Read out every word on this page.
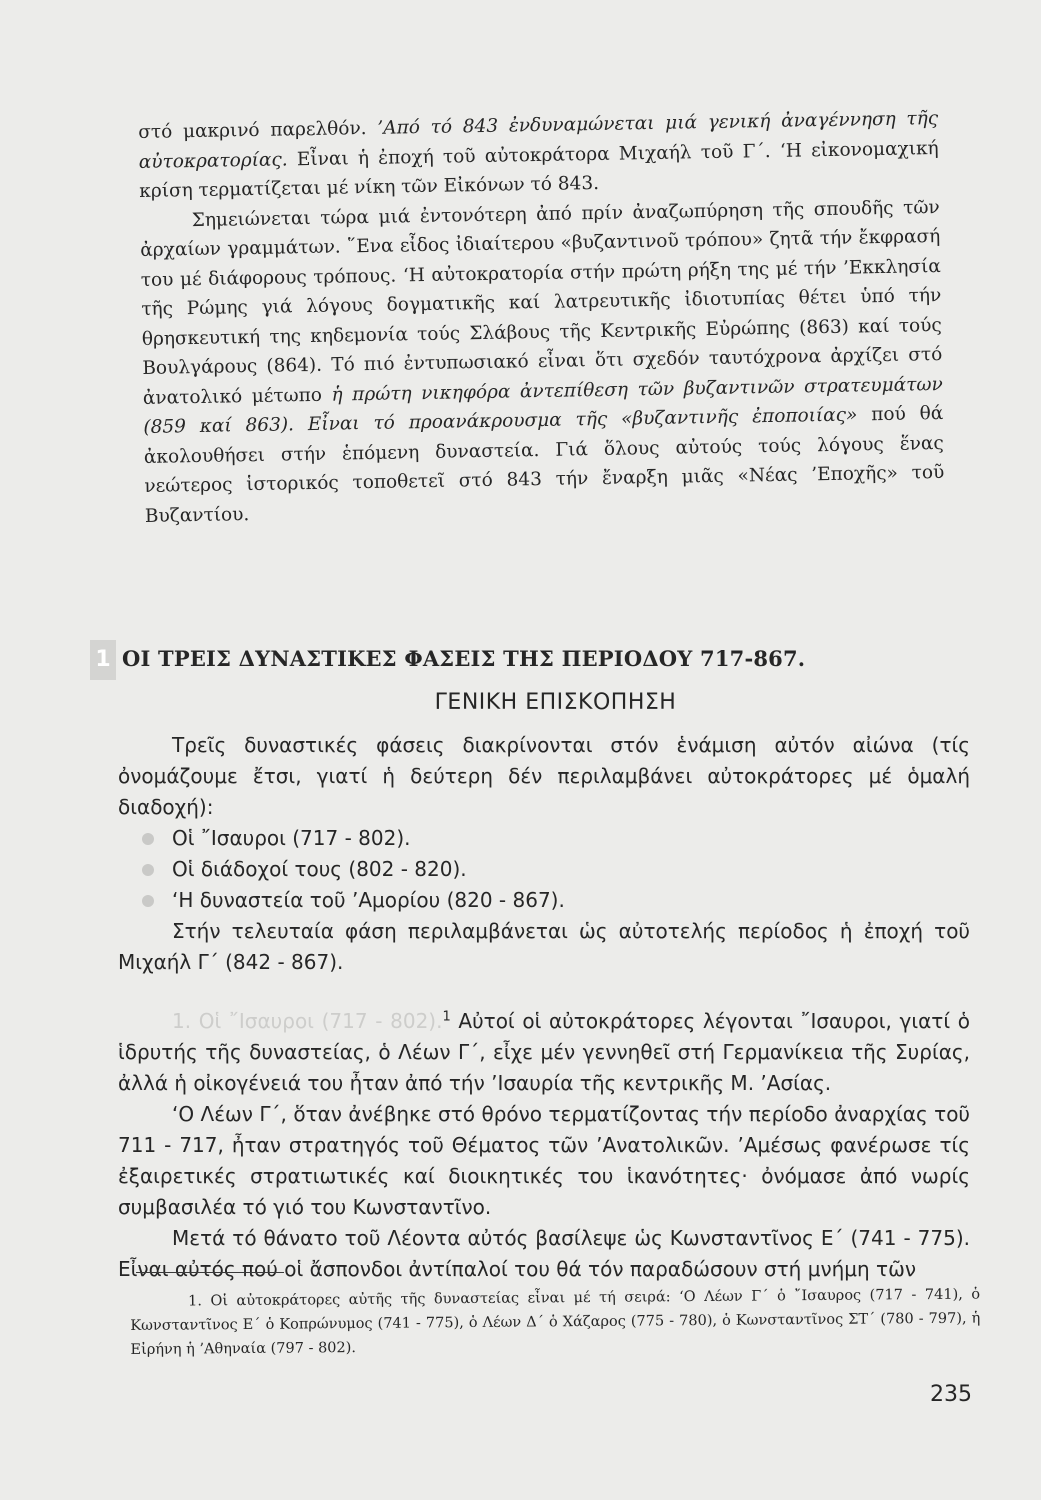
στό μακρινό παρελθόν. ’Από τό 843 ἐνδυναμώνεται μιά γενική ἀναγέννηση τῆς αὐτοκρατορίας. Εἶναι ἡ ἐποχή τοῦ αὐτοκράτορα Μιχαήλ τοῦ Γ΄. ‘Η εἰκονομαχική κρίση τερματίζεται μέ νίκη τῶν Εἰκόνων τό 843.

Σημειώνεται τώρα μιά ἐντονότερη ἀπό πρίν ἀναζωπύρηση τῆς σπουδῆς τῶν ἀρχαίων γραμμάτων. ῞Ενα εἶδος ἰδιαίτερου «βυζαντινοῦ τρόπου» ζητᾶ τήν ἔκφρασή του μέ διάφορους τρόπους. ‘Η αὐτοκρατορία στήν πρώτη ρήξη της μέ τήν ’Εκκλησία τῆς Ρώμης γιά λόγους δογματικῆς καί λατρευτικῆς ἰδιοτυπίας θέτει ὑπό τήν θρησκευτική της κηδεμονία τούς Σλάβους τῆς Κεντρικῆς Εὐρώπης (863) καί τούς Βουλγάρους (864). Τό πιό ἐντυπωσιακό εἶναι ὅτι σχεδόν ταυτόχρονα ἀρχίζει στό ἀνατολικό μέτωπο ἡ πρώτη νικηφόρα ἀντεπίθεση τῶν βυζαντινῶν στρατευμάτων (859 καί 863). Εἶναι τό προανάκρουσμα τῆς «βυζαντινῆς ἐποποιίας» πού θά ἀκολουθήσει στήν ἑπόμενη δυναστεία. Γιά ὅλους αὐτούς τούς λόγους ἕνας νεώτερος ἱστορικός τοποθετεῖ στό 843 τήν ἔναρξη μιᾶς «Νέας ’Εποχῆς» τοῦ Βυζαντίου.

1 ΟΙ ΤΡΕΙΣ ΔΥΝΑΣΤΙΚΕΣ ΦΑΣΕΙΣ ΤΗΣ ΠΕΡΙΟΔΟΥ 717-867.
ΓΕΝΙΚΗ ΕΠΙΣΚΟΠΗΣΗ

Τρεῖς δυναστικές φάσεις διακρίνονται στόν ἑνάμιση αὐτόν αἰώνα (τίς ὀνομάζουμε ἔτσι, γιατί ἡ δεύτερη δέν περιλαμβάνει αὐτοκράτορες μέ ὁμαλή διαδοχή):

Οἱ ῎Ισαυροι (717 - 802).
Οἱ διάδοχοί τους (802 - 820).
‘Η δυναστεία τοῦ ’Αμορίου (820 - 867).

Στήν τελευταία φάση περιλαμβάνεται ὡς αὐτοτελής περίοδος ἡ ἐποχή τοῦ Μιχαήλ Γ΄ (842 - 867).

1. Οἱ ῎Ισαυροι (717 - 802).$^1$ Αὐτοί οἱ αὐτοκράτορες λέγονται ῎Ισαυροι, γιατί ὁ ἱδρυτής τῆς δυναστείας, ὁ Λέων Γ΄, εἶχε μέν γεννηθεῖ στή Γερμανίκεια τῆς Συρίας, ἀλλά ἡ οἰκογένειά του ἦταν ἀπό τήν ’Ισαυρία τῆς κεντρικῆς Μ. ’Ασίας.

‘Ο Λέων Γ΄, ὅταν ἀνέβηκε στό θρόνο τερματίζοντας τήν περίοδο ἀναρχίας τοῦ 711 - 717, ἦταν στρατηγός τοῦ Θέματος τῶν ’Ανατολικῶν. ’Αμέσως φανέρωσε τίς ἐξαιρετικές στρατιωτικές καί διοικητικές του ἱκανότητες· ὀνόμασε ἀπό νωρίς συμβασιλέα τό γιό του Κωνσταντῖνο.

Μετά τό θάνατο τοῦ Λέοντα αὐτός βασίλεψε ὡς Κωνσταντῖνος Ε΄ (741 - 775). Εἶναι αὐτός πού οἱ ἄσπονδοι ἀντίπαλοί του θά τόν παραδώσουν στή μνήμη τῶν

1. Οἱ αὐτοκράτορες αὐτῆς τῆς δυναστείας εἶναι μέ τή σειρά: ‘Ο Λέων Γ΄ ὁ ῎Ισαυρος (717 - 741), ὁ Κωνσταντῖνος Ε΄ ὁ Κοπρώνυμος (741 - 775), ὁ Λέων Δ΄ ὁ Χάζαρος (775 - 780), ὁ Κωνσταντῖνος ΣΤ΄ (780 - 797), ἡ Εἰρήνη ἡ ’Αθηναία (797 - 802).

235
